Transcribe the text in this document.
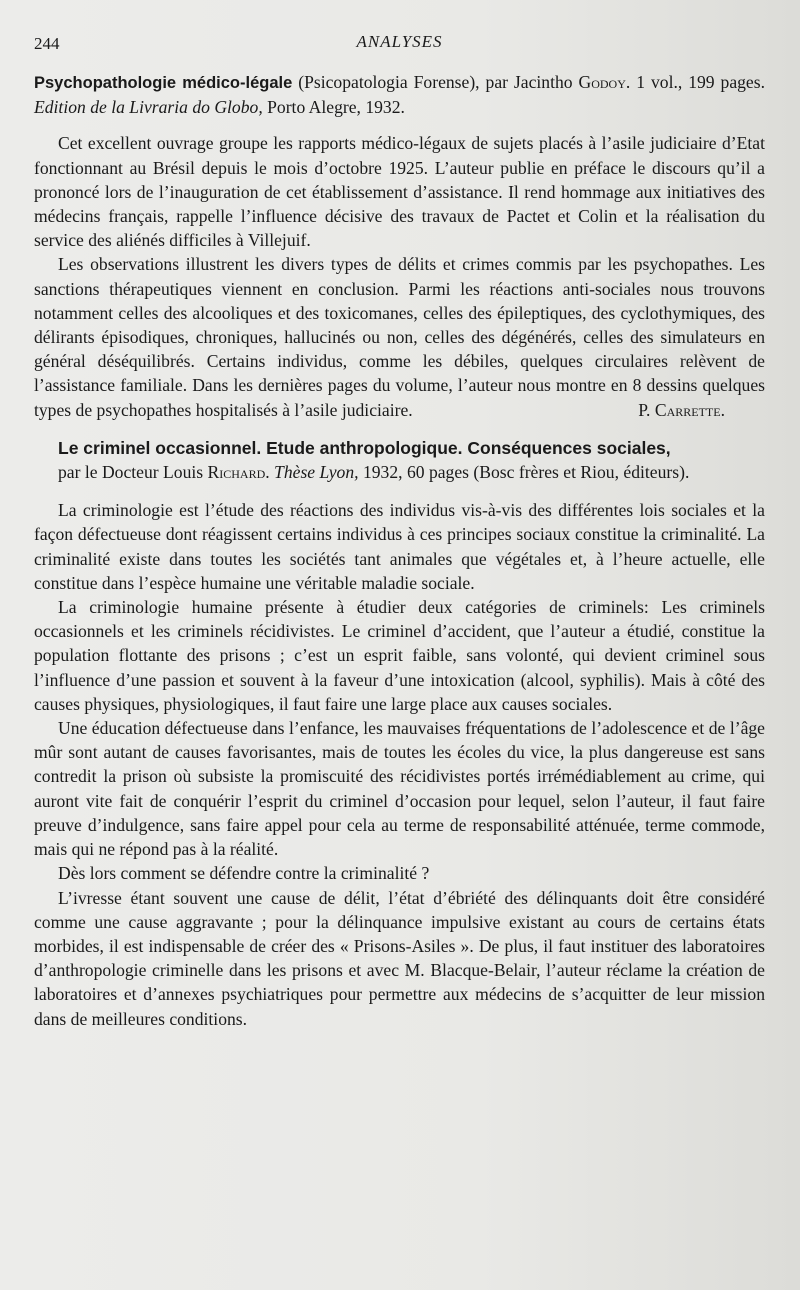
244	ANALYSES

Psychopathologie médico-légale (Psicopatologia Forense), par Jacintho Godoy. 1 vol., 199 pages. Edition de la Livraria do Globo, Porto Alegre, 1932.

Cet excellent ouvrage groupe les rapports médico-légaux de sujets placés à l’asile judiciaire d’Etat fonctionnant au Brésil depuis le mois d’octobre 1925. L’auteur publie en préface le discours qu’il a prononcé lors de l’inauguration de cet établissement d’assistance. Il rend hommage aux initiatives des médecins français, rappelle l’influence décisive des travaux de Pactet et Colin et la réalisation du service des aliénés difficiles à Villejuif.

Les observations illustrent les divers types de délits et crimes commis par les psychopathes. Les sanctions thérapeutiques viennent en conclusion. Parmi les réactions anti-sociales nous trouvons notamment celles des alcooliques et des toxicomanes, celles des épileptiques, des cyclothymiques, des délirants épisodiques, chroniques, hallucinés ou non, celles des dégénérés, celles des simulateurs en général déséquilibrés. Certains individus, comme les débiles, quelques circulaires relèvent de l’assistance familiale. Dans les dernières pages du volume, l’auteur nous montre en 8 dessins quelques types de psychopathes hospitalisés à l’asile judiciaire.	P. Carrette.

Le criminel occasionnel. Etude anthropologique. Conséquences sociales,
par le Docteur Louis Richard. Thèse Lyon, 1932, 60 pages (Bosc frères et Riou, éditeurs).

La criminologie est l’étude des réactions des individus vis-à-vis des différentes lois sociales et la façon défectueuse dont réagissent certains individus à ces principes sociaux constitue la criminalité. La criminalité existe dans toutes les sociétés tant animales que végétales et, à l’heure actuelle, elle constitue dans l’espèce humaine une véritable maladie sociale.

La criminologie humaine présente à étudier deux catégories de criminels: Les criminels occasionnels et les criminels récidivistes. Le criminel d’accident, que l’auteur a étudié, constitue la population flottante des prisons ; c’est un esprit faible, sans volonté, qui devient criminel sous l’influence d’une passion et souvent à la faveur d’une intoxication (alcool, syphilis). Mais à côté des causes physiques, physiologiques, il faut faire une large place aux causes sociales.

Une éducation défectueuse dans l’enfance, les mauvaises fréquentations de l’adolescence et de l’âge mûr sont autant de causes favorisantes, mais de toutes les écoles du vice, la plus dangereuse est sans contredit la prison où subsiste la promiscuité des récidivistes portés irrémédiablement au crime, qui auront vite fait de conquérir l’esprit du criminel d’occasion pour lequel, selon l’auteur, il faut faire preuve d’indulgence, sans faire appel pour cela au terme de responsabilité atténuée, terme commode, mais qui ne répond pas à la réalité.

Dès lors comment se défendre contre la criminalité ?

L’ivresse étant souvent une cause de délit, l’état d’ébriété des délinquants doit être considéré comme une cause aggravante ; pour la délinquance impulsive existant au cours de certains états morbides, il est indispensable de créer des « Prisons-Asiles ». De plus, il faut instituer des laboratoires d’anthropologie criminelle dans les prisons et avec M. Blacque-Belair, l’auteur réclame la création de laboratoires et d’annexes psychiatriques pour permettre aux médecins de s’acquitter de leur mission dans de meilleures conditions.
